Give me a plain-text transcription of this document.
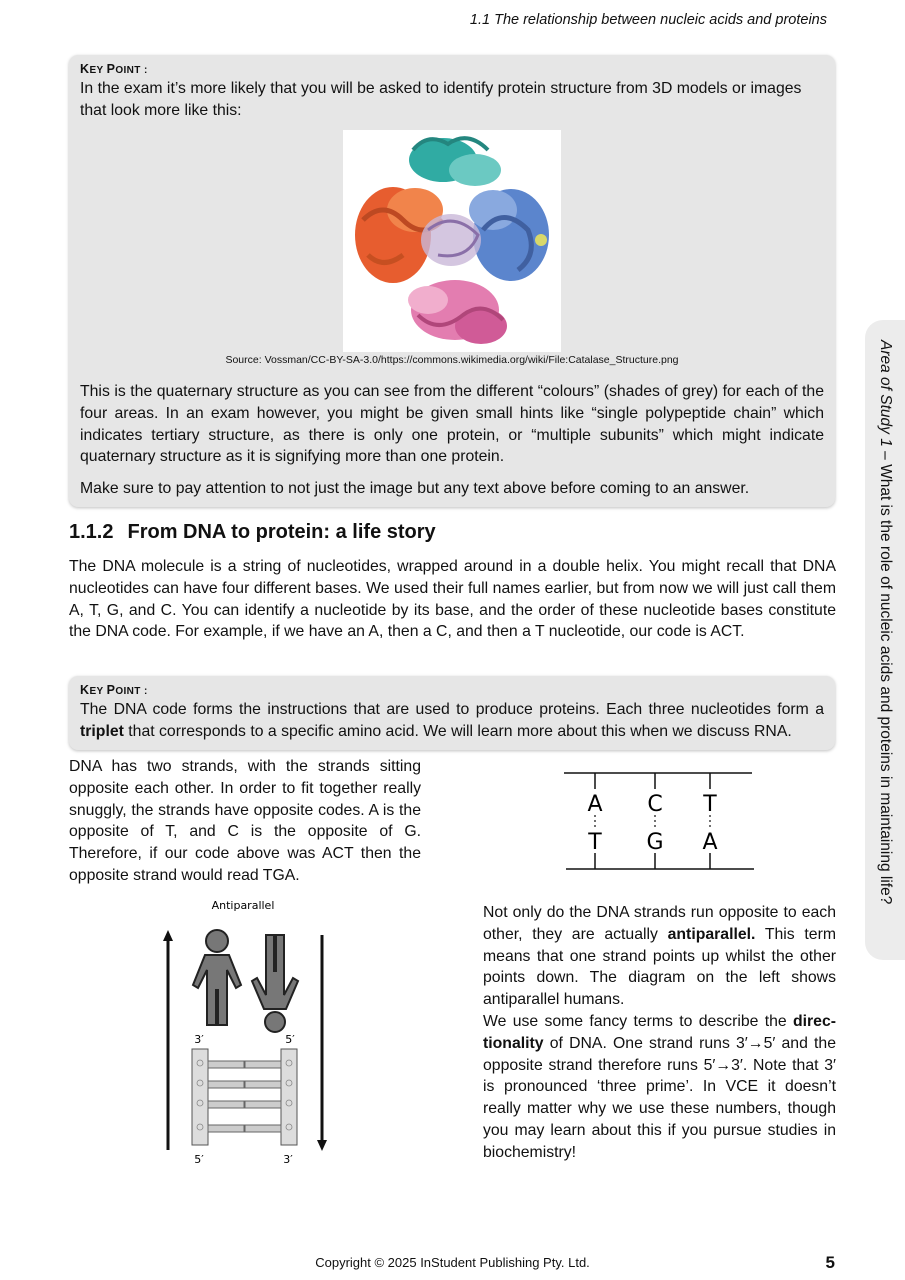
1.1 The relationship between nucleic acids and proteins
KEY POINT :
In the exam it’s more likely that you will be asked to identify protein structure from 3D models or images that look more like this:
Source: Vossman/CC-BY-SA-3.0/https://commons.wikimedia.org/wiki/File:Catalase_Structure.png
This is the quaternary structure as you can see from the different “colours” (shades of grey) for each of the four areas. In an exam however, you might be given small hints like “single polypeptide chain” which indicates tertiary structure, as there is only one protein, or “multiple subunits” which might indicate quaternary structure as it is signifying more than one protein.
Make sure to pay attention to not just the image but any text above before coming to an answer.
1.1.2 From DNA to protein: a life story
The DNA molecule is a string of nucleotides, wrapped around in a double helix. You might recall that DNA nucleotides can have four different bases. We used their full names earlier, but from now we will just call them A, T, G, and C. You can identify a nucleotide by its base, and the order of these nucleotide bases constitute the DNA code. For example, if we have an A, then a C, and then a T nucleotide, our code is ACT.
KEY POINT :
The DNA code forms the instructions that are used to produce proteins. Each three nucleotides form a triplet that corresponds to a specific amino acid. We will learn more about this when we discuss RNA.
DNA has two strands, with the strands sitting opposite each other. In order to fit together really snuggly, the strands have opposite codes. A is the opposite of T, and C is the opposite of G. Therefore, if our code above was ACT then the opposite strand would read TGA.
A C T
T G A
Antiparallel
3′	5′
5′	3′

Not only do the DNA strands run opposite to each other, they are actually antiparallel. This term means that one strand points up whilst the other points down. The diagram on the left shows antiparallel humans.

We use some fancy terms to describe the directionality of DNA. One strand runs 3′→5′ and the opposite strand therefore runs 5′→3′. Note that 3′ is pronounced ‘three prime’. In VCE it doesn’t really matter why we use these numbers, though you may learn about this if you pursue studies in biochemistry!

Area of Study 1 – What is the role of nucleic acids and proteins in maintaining life?
Copyright © 2025 InStudent Publishing Pty. Ltd.	5
